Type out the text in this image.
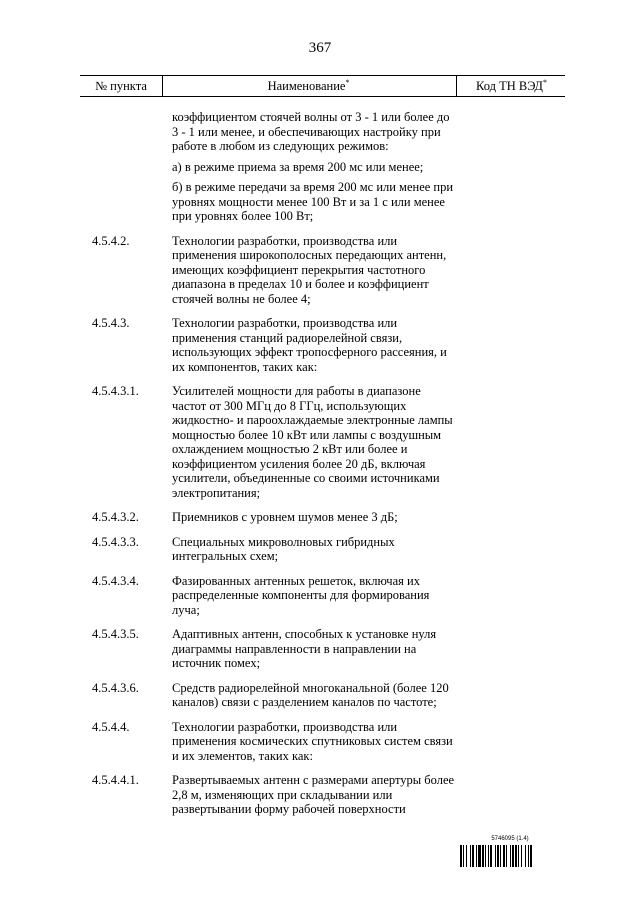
367
№ пункта	Наименование*	Код ТН ВЭД*
коэффициентом стоячей волны от 3 - 1 или более до 3 - 1 или менее, и обеспечивающих настройку при работе в любом из следующих режимов:
а) в режиме приема за время 200 мс или менее;
б) в режиме передачи за время 200 мс или менее при уровнях мощности менее 100 Вт и за 1 с или менее при уровнях более 100 Вт;
4.5.4.2.	Технологии разработки, производства или применения широкополосных передающих антенн, имеющих коэффициент перекрытия частотного диапазона в пределах 10 и более и коэффициент стоячей волны не более 4;
4.5.4.3.	Технологии разработки, производства или применения станций радиорелейной связи, использующих эффект тропосферного рассеяния, и их компонентов, таких как:
4.5.4.3.1.	Усилителей мощности для работы в диапазоне частот от 300 МГц до 8 ГГц, использующих жидкостно- и пароохлаждаемые электронные лампы мощностью более 10 кВт или лампы с воздушным охлаждением мощностью 2 кВт или более и коэффициентом усиления более 20 дБ, включая усилители, объединенные со своими источниками электропитания;
4.5.4.3.2.	Приемников с уровнем шумов менее 3 дБ;
4.5.4.3.3.	Специальных микроволновых гибридных интегральных схем;
4.5.4.3.4.	Фазированных антенных решеток, включая их распределенные компоненты для формирования луча;
4.5.4.3.5.	Адаптивных антенн, способных к установке нуля диаграммы направленности в направлении на источник помех;
4.5.4.3.6.	Средств радиорелейной многоканальной (более 120 каналов) связи с разделением каналов по частоте;
4.5.4.4.	Технологии разработки, производства или применения космических спутниковых систем связи и их элементов, таких как:
4.5.4.4.1.	Развертываемых антенн с размерами апертуры более 2,8 м, изменяющих при складывании или развертывании форму рабочей поверхности
5746095 (1.4)
